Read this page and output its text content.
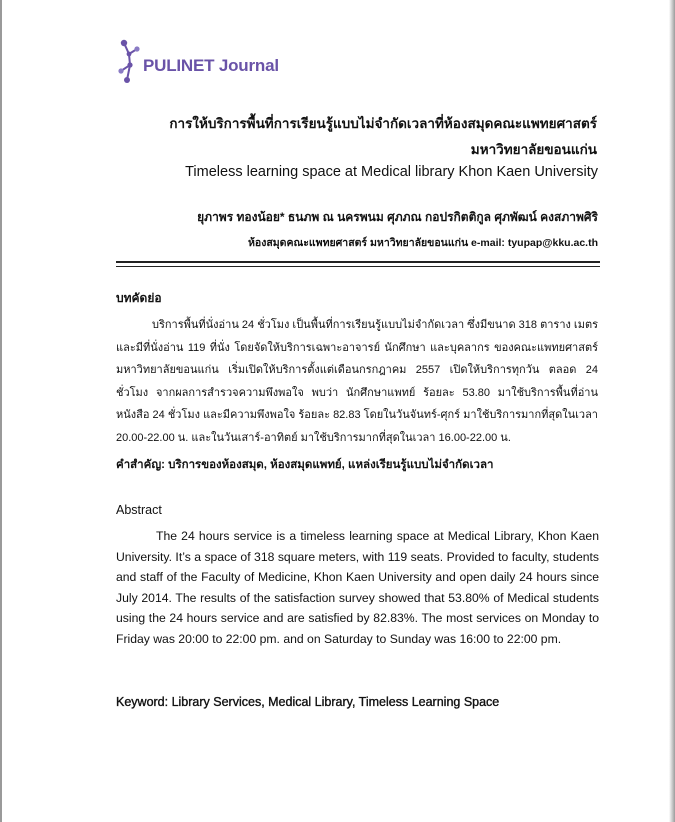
PULINET Journal
การให้บริการพื้นที่การเรียนรู้แบบไม่จำกัดเวลาที่ห้องสมุดคณะแพทยศาสตร์
มหาวิทยาลัยขอนแก่น
Timeless learning space at Medical library Khon Kaen University
ยุภาพร ทองน้อย* ธนภพ ณ นครพนม ศุภภณ กอปรกิตติกูล ศุภพัฒน์ คงสภาพศิริ
ห้องสมุดคณะแพทยศาสตร์ มหาวิทยาลัยขอนแก่น e-mail: tyupap@kku.ac.th
บทคัดย่อ

บริการพื้นที่นั่งอ่าน 24 ชั่วโมง เป็นพื้นที่การเรียนรู้แบบไม่จำกัดเวลา ซึ่งมีขนาด 318 ตาราง เมตร และมีที่นั่งอ่าน 119 ที่นั่ง โดยจัดให้บริการเฉพาะอาจารย์ นักศึกษา และบุคลากร ของคณะแพทยศาสตร์ มหาวิทยาลัยขอนแก่น เริ่มเปิดให้บริการตั้งแต่เดือนกรกฎาคม 2557 เปิดให้บริการทุกวัน ตลอด 24 ชั่วโมง จากผลการสำรวจความพึงพอใจ พบว่า นักศึกษาแพทย์ ร้อยละ 53.80 มาใช้บริการพื้นที่อ่านหนังสือ 24 ชั่วโมง และมีความพึงพอใจ ร้อยละ 82.83 โดยในวันจันทร์-ศุกร์ มาใช้บริการมากที่สุดในเวลา 20.00-22.00 น. และในวันเสาร์-อาทิตย์ มาใช้บริการมากที่สุดในเวลา 16.00-22.00 น.

คำสำคัญ: บริการของห้องสมุด, ห้องสมุดแพทย์, แหล่งเรียนรู้แบบไม่จำกัดเวลา
Abstract

The 24 hours service is a timeless learning space at Medical Library, Khon Kaen University. It’s a space of 318 square meters, with 119 seats. Provided to faculty, students and staff of the Faculty of Medicine, Khon Kaen University and open daily 24 hours since July 2014. The results of the satisfaction survey showed that 53.80% of Medical students using the 24 hours service and are satisfied by 82.83%. The most services on Monday to Friday was 20:00 to 22:00 pm. and on Saturday to Sunday was 16:00 to 22:00 pm.

Keyword: Library Services, Medical Library, Timeless Learning Space
